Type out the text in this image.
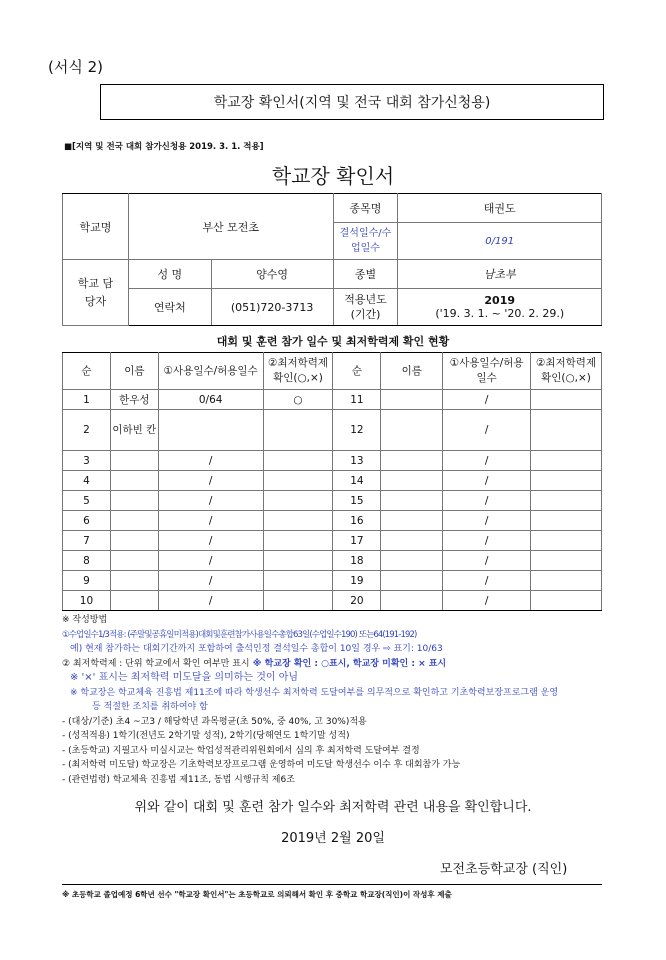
(서식 2)
학교장 확인서(지역 및 전국 대회 참가신청용)
■[지역 및 전국 대회 참가신청용 2019. 3. 1. 적용]
학교장 확인서
학교명	부산 모전초		종목명	태권도
			결석일수/수업일수	0/191
학교 담당자	성 명	양수영	종별	남초부
	연락처	(051)720-3713	적용년도 (기간)	2019
('19. 3. 1. ~ '20. 2. 29.)
대회 및 훈련 참가 일수 및 최저학력제 확인 현황
순	이름	①사용일수/허용일수	②최저학력제확인(○,×)	순	이름	①사용일수/허용일수	②최저학력제확인(○,×)
1	한우성	0/64	○	11		/	
2	이하빈 칸			12		/	
3		/		13		/	
4		/		14		/	
5		/		15		/	
6		/		16		/	
7		/		17		/	
8		/		18		/	
9		/		19		/	
10		/		20		/	
※ 작성방법
①수업일수1/3적용: (주말및공휴일미적용)대회및훈련참가사용일수총합63일(수업일수190) 또는64(191-192)
예) 현재 참가하는 대회기간까지 포함하여 출석인정 결석일수 총합이 10일 경우 ⇨ 표기: 10/63
② 최저학력제 : 단위 학교에서 확인 여부만 표시 ※ 학교장 확인 : ○표시, 학교장 미확인 : × 표시
※ '×' 표시는 최저학력 미도달을 의미하는 것이 아님
※ 학교장은 학교체육 진흥법 제11조에 따라 학생선수 최저학력 도달여부를 의무적으로 확인하고 기초학력보장프로그램 운영
등 적절한 조치를 취하여야 함
- (대상/기준) 초4 ~고3 / 해당학년 과목평균(초 50%, 중 40%, 고 30%)적용
- (성적적용) 1학기(전년도 2학기말 성적), 2학기(당해연도 1학기말 성적)
- (초등학교) 지필고사 미실시교는 학업성적관리위원회에서 심의 후 최저학력 도달여부 결정
- (최저학력 미도달) 학교장은 기초학력보장프로그램 운영하여 미도달 학생선수 이수 후 대회참가 가능
- (관련법령) 학교체육 진흥법 제11조, 동법 시행규칙 제6조
위와 같이 대회 및 훈련 참가 일수와 최저학력 관련 내용을 확인합니다.
2019년 2월 20일
모전초등학교장 (직인)
※ 초등학교 졸업예정 6학년 선수 "학교장 확인서"는 초등학교로 의뢰해서 확인 후 중학교 학교장(직인)이 작성후 제출
